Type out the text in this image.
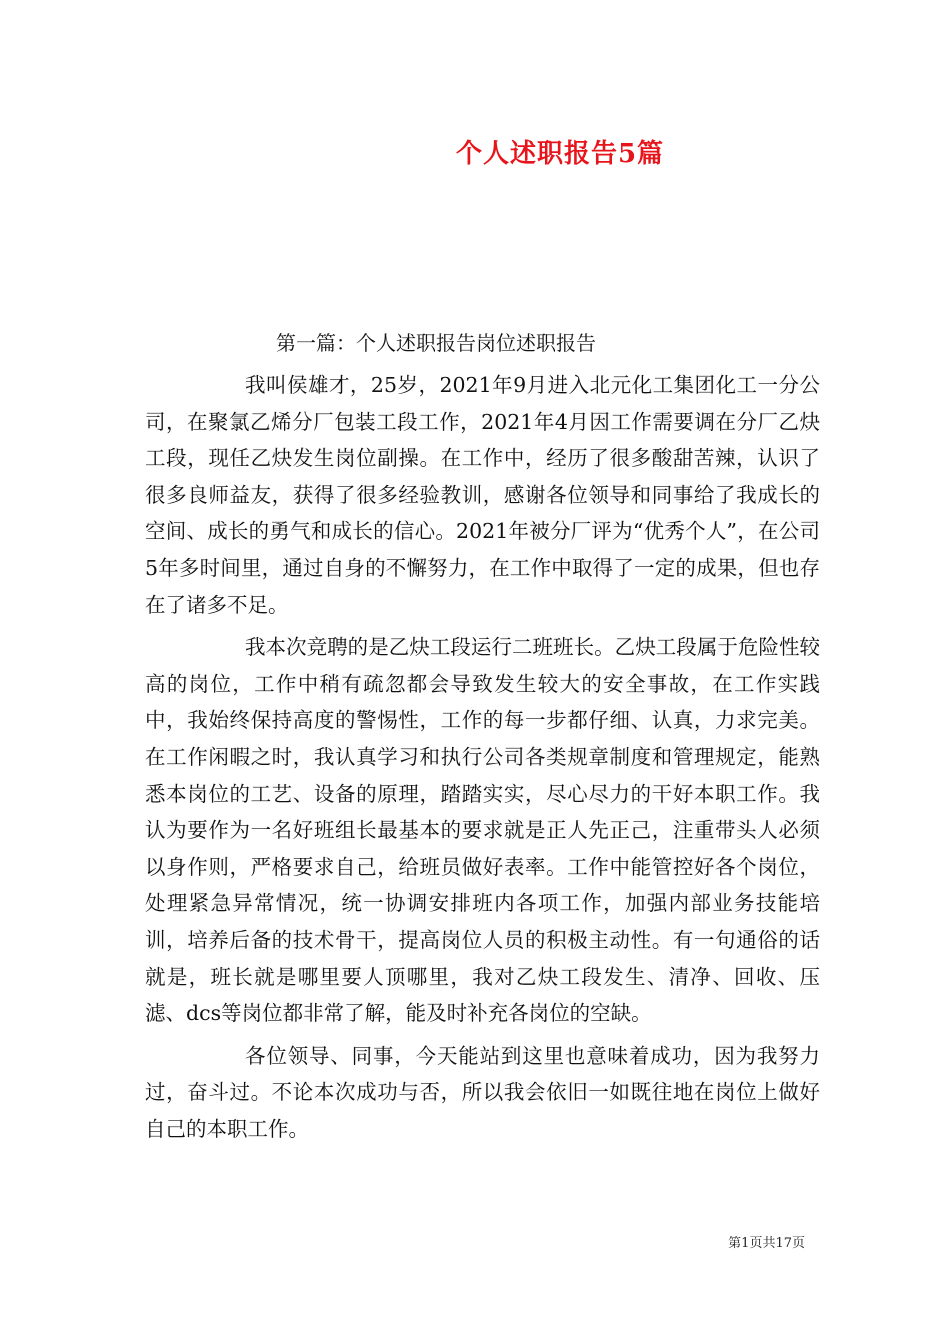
个人述职报告5篇
第一篇：个人述职报告岗位述职报告

我叫侯雄才，25岁，2021年9月进入北元化工集团化工一分公司，在聚氯乙烯分厂包装工段工作，2021年4月因工作需要调在分厂乙炔工段，现任乙炔发生岗位副操。在工作中，经历了很多酸甜苦辣，认识了很多良师益友，获得了很多经验教训，感谢各位领导和同事给了我成长的空间、成长的勇气和成长的信心。2021年被分厂评为“优秀个人”，在公司5年多时间里，通过自身的不懈努力，在工作中取得了一定的成果，但也存在了诸多不足。

我本次竞聘的是乙炔工段运行二班班长。乙炔工段属于危险性较高的岗位，工作中稍有疏忽都会导致发生较大的安全事故，在工作实践中，我始终保持高度的警惕性，工作的每一步都仔细、认真，力求完美。在工作闲暇之时，我认真学习和执行公司各类规章制度和管理规定，能熟悉本岗位的工艺、设备的原理，踏踏实实，尽心尽力的干好本职工作。我认为要作为一名好班组长最基本的要求就是正人先正己，注重带头人必须以身作则，严格要求自己，给班员做好表率。工作中能管控好各个岗位，处理紧急异常情况，统一协调安排班内各项工作，加强内部业务技能培训，培养后备的技术骨干，提高岗位人员的积极主动性。有一句通俗的话就是，班长就是哪里要人顶哪里，我对乙炔工段发生、清净、回收、压滤、dcs等岗位都非常了解，能及时补充各岗位的空缺。

各位领导、同事，今天能站到这里也意味着成功，因为我努力过，奋斗过。不论本次成功与否，所以我会依旧一如既往地在岗位上做好自己的本职工作。

第1页共17页
